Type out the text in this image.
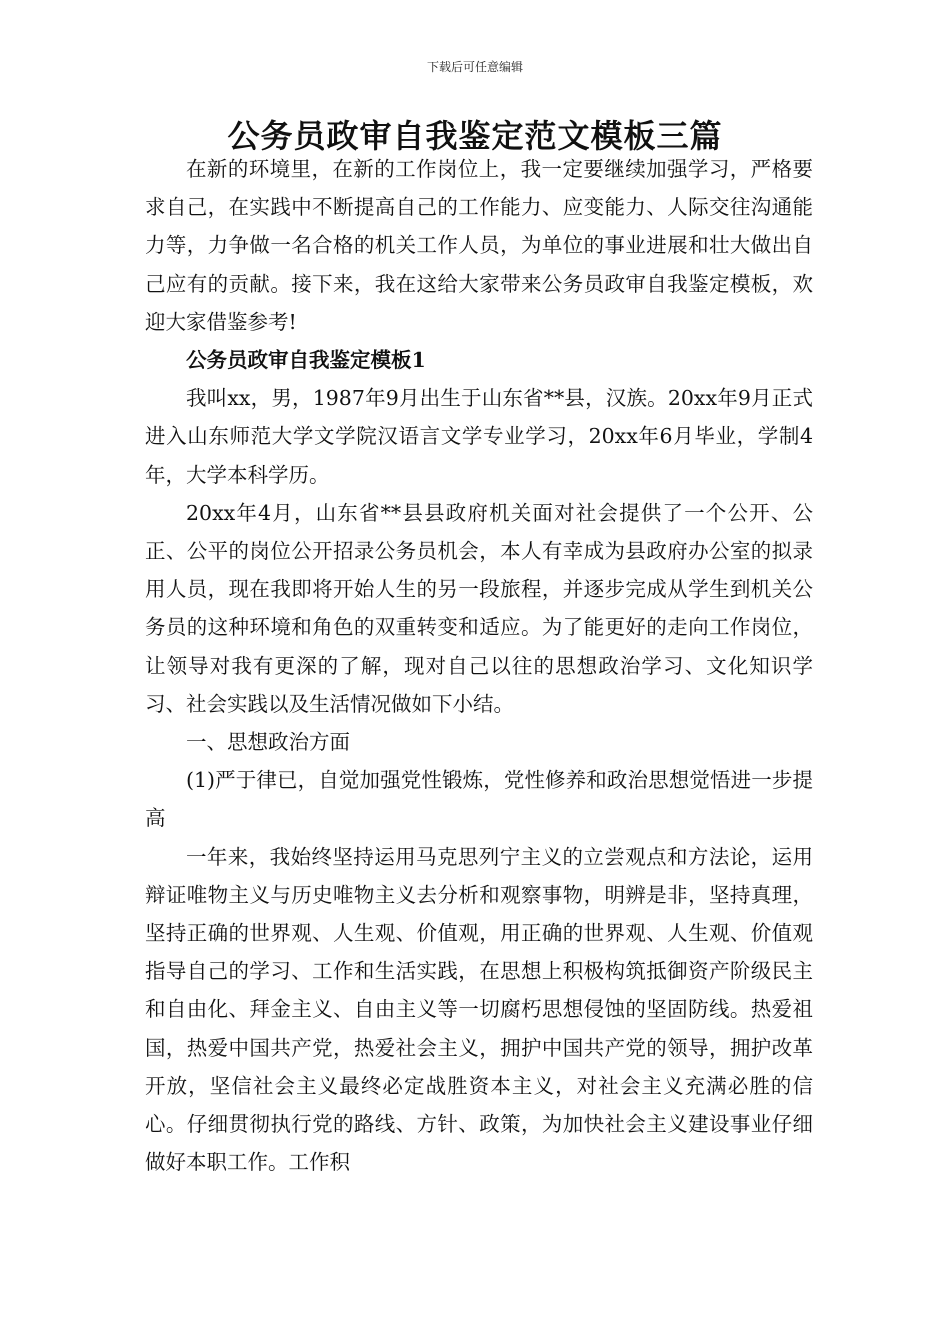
下载后可任意编辑
公务员政审自我鉴定范文模板三篇

在新的环境里，在新的工作岗位上，我一定要继续加强学习，严格要求自己，在实践中不断提高自己的工作能力、应变能力、人际交往沟通能力等，力争做一名合格的机关工作人员，为单位的事业进展和壮大做出自己应有的贡献。接下来，我在这给大家带来公务员政审自我鉴定模板，欢迎大家借鉴参考!

公务员政审自我鉴定模板1

我叫xx，男，1987年9月出生于山东省**县，汉族。20xx年9月正式进入山东师范大学文学院汉语言文学专业学习，20xx年6月毕业，学制4年，大学本科学历。

20xx年4月，山东省**县县政府机关面对社会提供了一个公开、公正、公平的岗位公开招录公务员机会，本人有幸成为县政府办公室的拟录用人员，现在我即将开始人生的另一段旅程，并逐步完成从学生到机关公务员的这种环境和角色的双重转变和适应。为了能更好的走向工作岗位，让领导对我有更深的了解，现对自己以往的思想政治学习、文化知识学习、社会实践以及生活情况做如下小结。

一、思想政治方面

(1)严于律已，自觉加强党性锻炼，党性修养和政治思想觉悟进一步提高

一年来，我始终坚持运用马克思列宁主义的立尝观点和方法论，运用辩证唯物主义与历史唯物主义去分析和观察事物，明辨是非，坚持真理，坚持正确的世界观、人生观、价值观，用正确的世界观、人生观、价值观指导自己的学习、工作和生活实践，在思想上积极构筑抵御资产阶级民主和自由化、拜金主义、自由主义等一切腐朽思想侵蚀的坚固防线。热爱祖国，热爱中国共产党，热爱社会主义，拥护中国共产党的领导，拥护改革开放，坚信社会主义最终必定战胜资本主义，对社会主义充满必胜的信心。仔细贯彻执行党的路线、方针、政策，为加快社会主义建设事业仔细做好本职工作。工作积
